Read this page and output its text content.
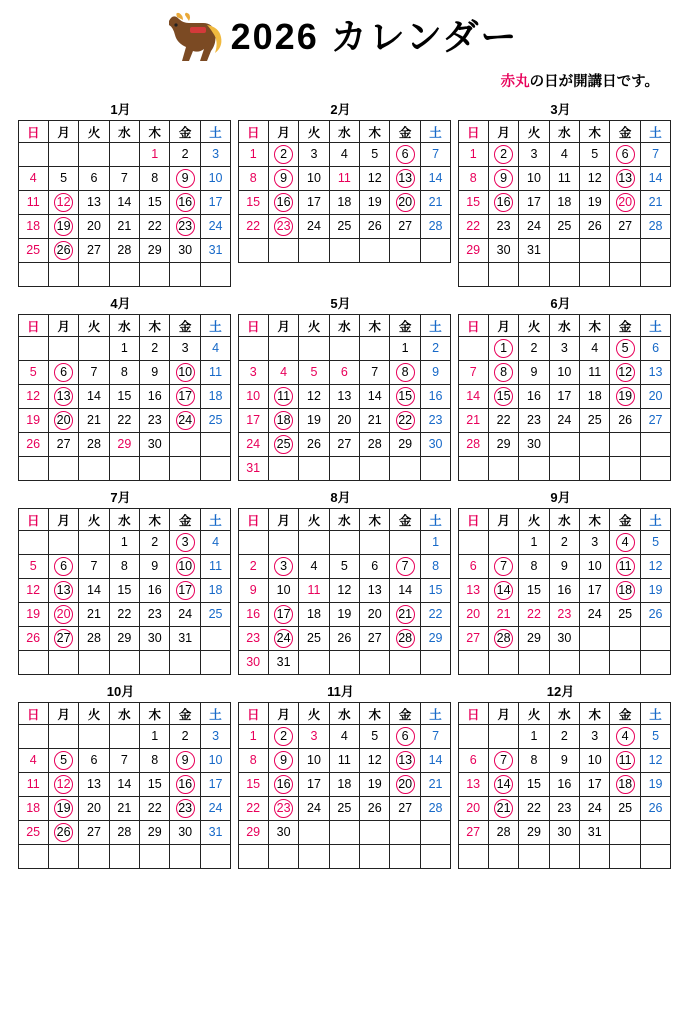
2026 カレンダー
赤丸の日が開講日です。
1月
日	月	火	水	木	金	土
				1	2	3
4	5	6	7	8	9	10
11	12	13	14	15	16	17
18	19	20	21	22	23	24
25	26	27	28	29	30	31

2月
日	月	火	水	木	金	土
1	2	3	4	5	6	7
8	9	10	11	12	13	14
15	16	17	18	19	20	21
22	23	24	25	26	27	28

3月
日	月	火	水	木	金	土
1	2	3	4	5	6	7
8	9	10	11	12	13	14
15	16	17	18	19	20	21
22	23	24	25	26	27	28
29	30	31				

4月
日	月	火	水	木	金	土
			1	2	3	4
5	6	7	8	9	10	11
12	13	14	15	16	17	18
19	20	21	22	23	24	25
26	27	28	29	30		

5月
日	月	火	水	木	金	土
					1	2
3	4	5	6	7	8	9
10	11	12	13	14	15	16
17	18	19	20	21	22	23
24	25	26	27	28	29	30
31						
6月
日	月	火	水	木	金	土
	1	2	3	4	5	6
7	8	9	10	11	12	13
14	15	16	17	18	19	20
21	22	23	24	25	26	27
28	29	30				

7月
日	月	火	水	木	金	土
			1	2	3	4
5	6	7	8	9	10	11
12	13	14	15	16	17	18
19	20	21	22	23	24	25
26	27	28	29	30	31	

8月
日	月	火	水	木	金	土
						1
2	3	4	5	6	7	8
9	10	11	12	13	14	15
16	17	18	19	20	21	22
23	24	25	26	27	28	29
30	31					
9月
日	月	火	水	木	金	土
		1	2	3	4	5
6	7	8	9	10	11	12
13	14	15	16	17	18	19
20	21	22	23	24	25	26
27	28	29	30			

10月
日	月	火	水	木	金	土
				1	2	3
4	5	6	7	8	9	10
11	12	13	14	15	16	17
18	19	20	21	22	23	24
25	26	27	28	29	30	31

11月
日	月	火	水	木	金	土
1	2	3	4	5	6	7
8	9	10	11	12	13	14
15	16	17	18	19	20	21
22	23	24	25	26	27	28
29	30					

12月
日	月	火	水	木	金	土
		1	2	3	4	5
6	7	8	9	10	11	12
13	14	15	16	17	18	19
20	21	22	23	24	25	26
27	28	29	30	31		
